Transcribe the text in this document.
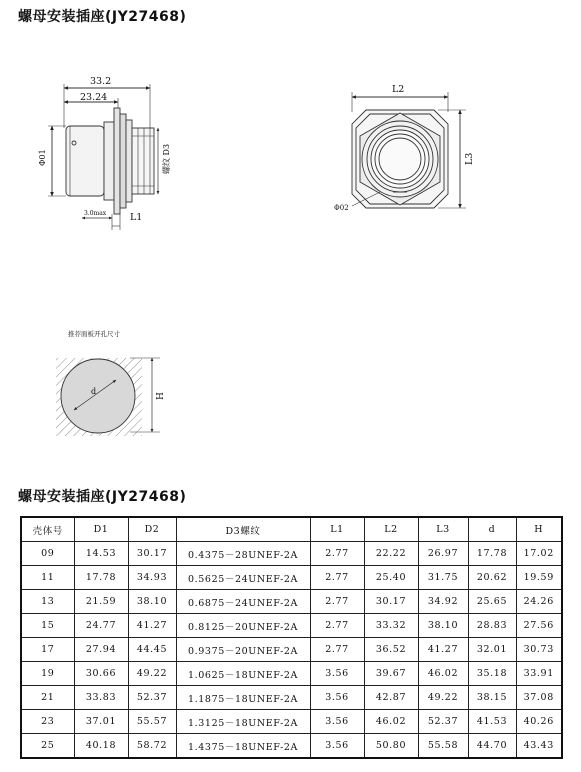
螺母安装插座(JY27468)
33.2
23.24
Φ01	螺纹 D3
3.0max	L1
L2
L3
Φ02
推荐面板开孔尺寸
d
H
螺母安装插座(JY27468)
壳体号	D1	D2	D3螺纹	L1	L2	L3	d	H
09	14.53	30.17	0.4375－28UNEF-2A	2.77	22.22	26.97	17.78	17.02
11	17.78	34.93	0.5625－24UNEF-2A	2.77	25.40	31.75	20.62	19.59
13	21.59	38.10	0.6875－24UNEF-2A	2.77	30.17	34.92	25.65	24.26
15	24.77	41.27	0.8125－20UNEF-2A	2.77	33.32	38.10	28.83	27.56
17	27.94	44.45	0.9375－20UNEF-2A	2.77	36.52	41.27	32.01	30.73
19	30.66	49.22	1.0625－18UNEF-2A	3.56	39.67	46.02	35.18	33.91
21	33.83	52.37	1.1875－18UNEF-2A	3.56	42.87	49.22	38.15	37.08
23	37.01	55.57	1.3125－18UNEF-2A	3.56	46.02	52.37	41.53	40.26
25	40.18	58.72	1.4375－18UNEF-2A	3.56	50.80	55.58	44.70	43.43
